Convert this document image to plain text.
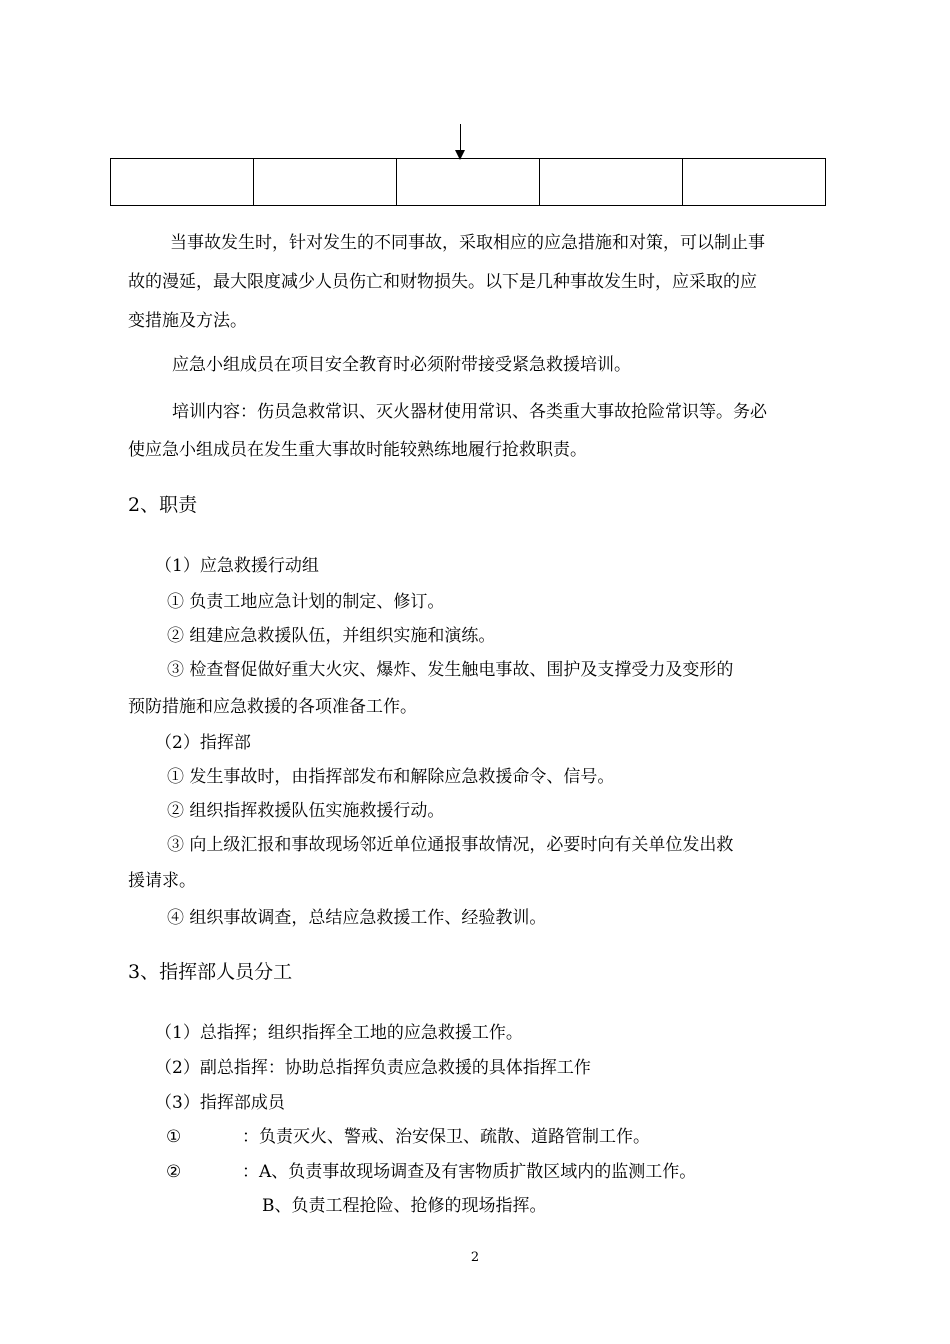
当事故发生时，针对发生的不同事故，采取相应的应急措施和对策，可以制止事
故的漫延，最大限度减少人员伤亡和财物损失。以下是几种事故发生时，应采取的应
变措施及方法。
应急小组成员在项目安全教育时必须附带接受紧急救援培训。
培训内容：伤员急救常识、灭火器材使用常识、各类重大事故抢险常识等。务必
使应急小组成员在发生重大事故时能较熟练地履行抢救职责。
2、职责
（1）应急救援行动组
① 负责工地应急计划的制定、修订。
② 组建应急救援队伍，并组织实施和演练。
③ 检查督促做好重大火灾、爆炸、发生触电事故、围护及支撑受力及变形的
预防措施和应急救援的各项准备工作。
（2）指挥部
① 发生事故时，由指挥部发布和解除应急救援命令、信号。
② 组织指挥救援队伍实施救援行动。
③ 向上级汇报和事故现场邻近单位通报事故情况，必要时向有关单位发出救
援请求。
④ 组织事故调查，总结应急救援工作、经验教训。
3、指挥部人员分工
（1）总指挥；组织指挥全工地的应急救援工作。
（2）副总指挥：协助总指挥负责应急救援的具体指挥工作
（3）指挥部成员
①	：负责灭火、警戒、治安保卫、疏散、道路管制工作。
②	：A、负责事故现场调查及有害物质扩散区域内的监测工作。
B、负责工程抢险、抢修的现场指挥。
2
